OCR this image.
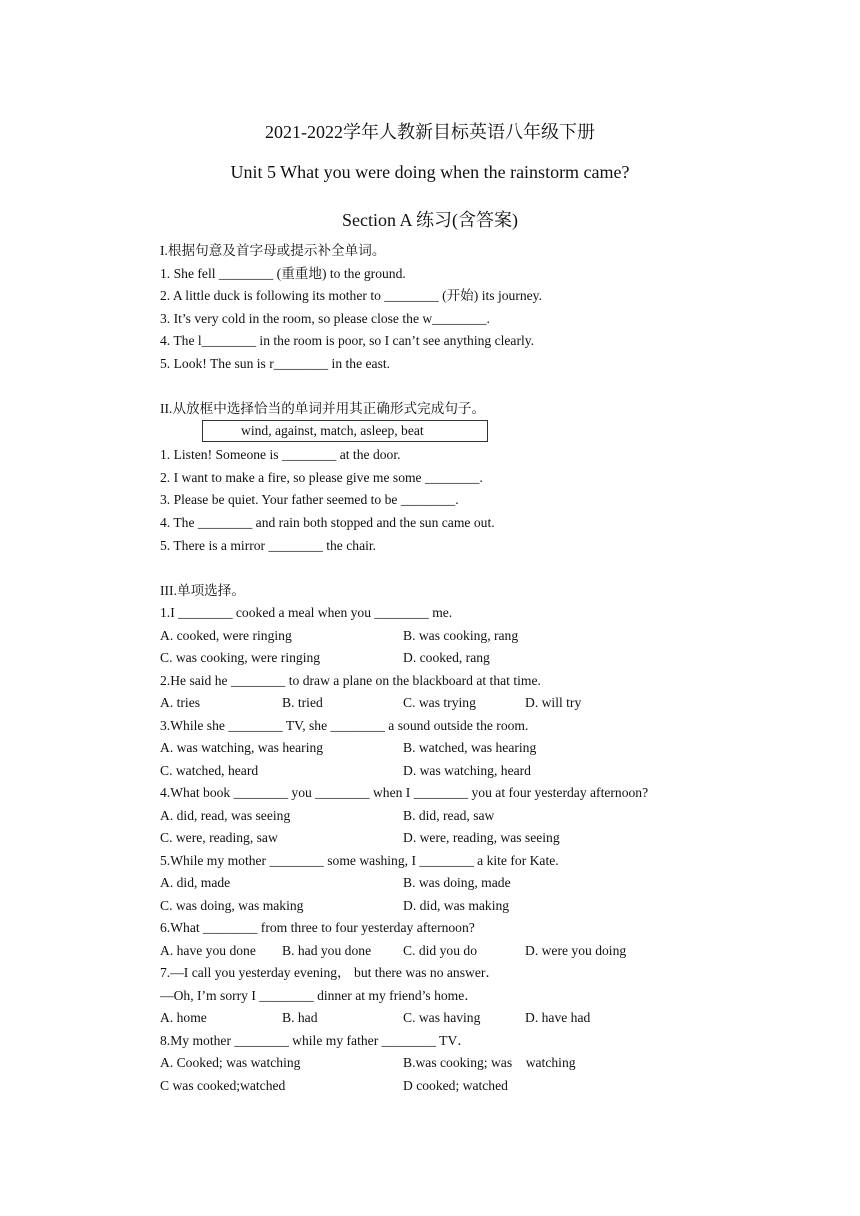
2021-2022学年人教新目标英语八年级下册
Unit 5 What you were doing when the rainstorm came?
Section A 练习(含答案)
I.根据句意及首字母或提示补全单词。
1. She fell ________ (重重地) to the ground.
2. A little duck is following its mother to ________ (开始) its journey.
3. It’s very cold in the room, so please close the w________.
4. The l________ in the room is poor, so I can’t see anything clearly.
5. Look! The sun is r________ in the east.
II.从放框中选择恰当的单词并用其正确形式完成句子。
wind, against, match, asleep, beat
1. Listen! Someone is ________ at the door.
2. I want to make a fire, so please give me some ________.
3. Please be quiet. Your father seemed to be ________.
4. The ________ and rain both stopped and the sun came out.
5. There is a mirror ________ the chair.
III.单项选择。
1.I ________ cooked a meal when you ________ me.
A. cooked, were ringing	B. was cooking, rang
C. was cooking, were ringing	D. cooked, rang
2.He said he ________ to draw a plane on the blackboard at that time.
A. tries	B. tried	C. was trying	D. will try
3.While she ________ TV, she ________ a sound outside the room.
A. was watching, was hearing	B. watched, was hearing
C. watched, heard	D. was watching, heard
4.What book ________ you ________ when I ________ you at four yesterday afternoon?
A. did, read, was seeing	B. did, read, saw
C. were, reading, saw	D. were, reading, was seeing
5.While my mother ________ some washing, I ________ a kite for Kate.
A. did, made	B. was doing, made
C. was doing, was making	D. did, was making
6.What ________ from three to four yesterday afternoon?
A. have you done B. had you done C. did you do	D. were you doing
7.—I call you yesterday evening， but there was no answer．
—Oh, I’m sorry I ________ dinner at my friend’s home．
A. home	B. had	C. was having	D. have had
8.My mother ________ while my father ________ TV．
A. Cooked; was watching	B.was cooking; was　watching
C was cooked;watched	D cooked; watched
